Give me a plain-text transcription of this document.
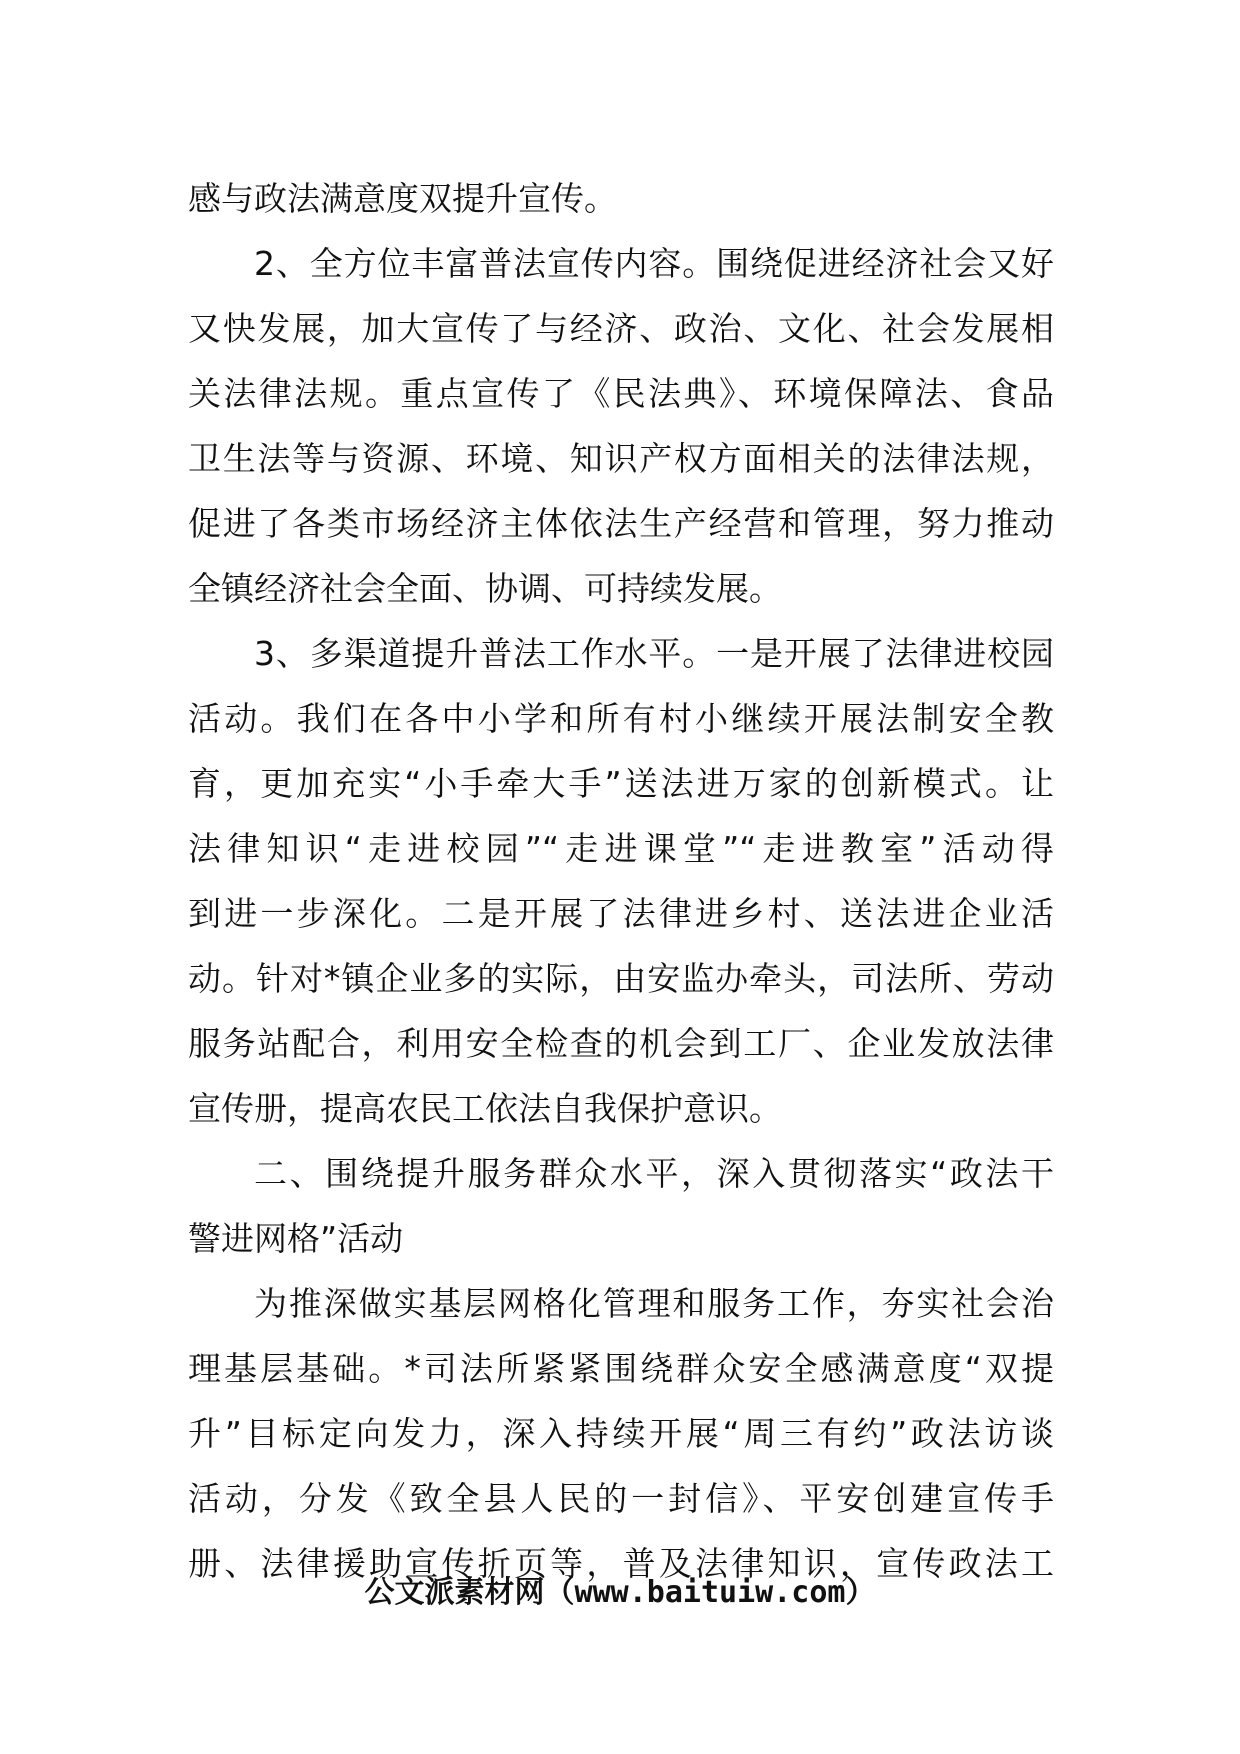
感与政法满意度双提升宣传。
2、全方位丰富普法宣传内容。围绕促进经济社会又好
又快发展，加大宣传了与经济、政治、文化、社会发展相
关法律法规。重点宣传了《民法典》、环境保障法、食品
卫生法等与资源、环境、知识产权方面相关的法律法规，
促进了各类市场经济主体依法生产经营和管理，努力推动
全镇经济社会全面、协调、可持续发展。
3、多渠道提升普法工作水平。一是开展了法律进校园
活动。我们在各中小学和所有村小继续开展法制安全教
育，更加充实“小手牵大手”送法进万家的创新模式。让
法律知识“走进校园”“走进课堂”“走进教室”活动得
到进一步深化。二是开展了法律进乡村、送法进企业活
动。针对*镇企业多的实际，由安监办牵头，司法所、劳动
服务站配合，利用安全检查的机会到工厂、企业发放法律
宣传册，提高农民工依法自我保护意识。
二、围绕提升服务群众水平，深入贯彻落实“政法干
警进网格”活动
为推深做实基层网格化管理和服务工作，夯实社会治
理基层基础。*司法所紧紧围绕群众安全感满意度“双提
升”目标定向发力，深入持续开展“周三有约”政法访谈
活动，分发《致全县人民的一封信》、平安创建宣传手
册、法律援助宣传折页等，普及法律知识，宣传政法工
公文派素材网（www.baituiw.com）
